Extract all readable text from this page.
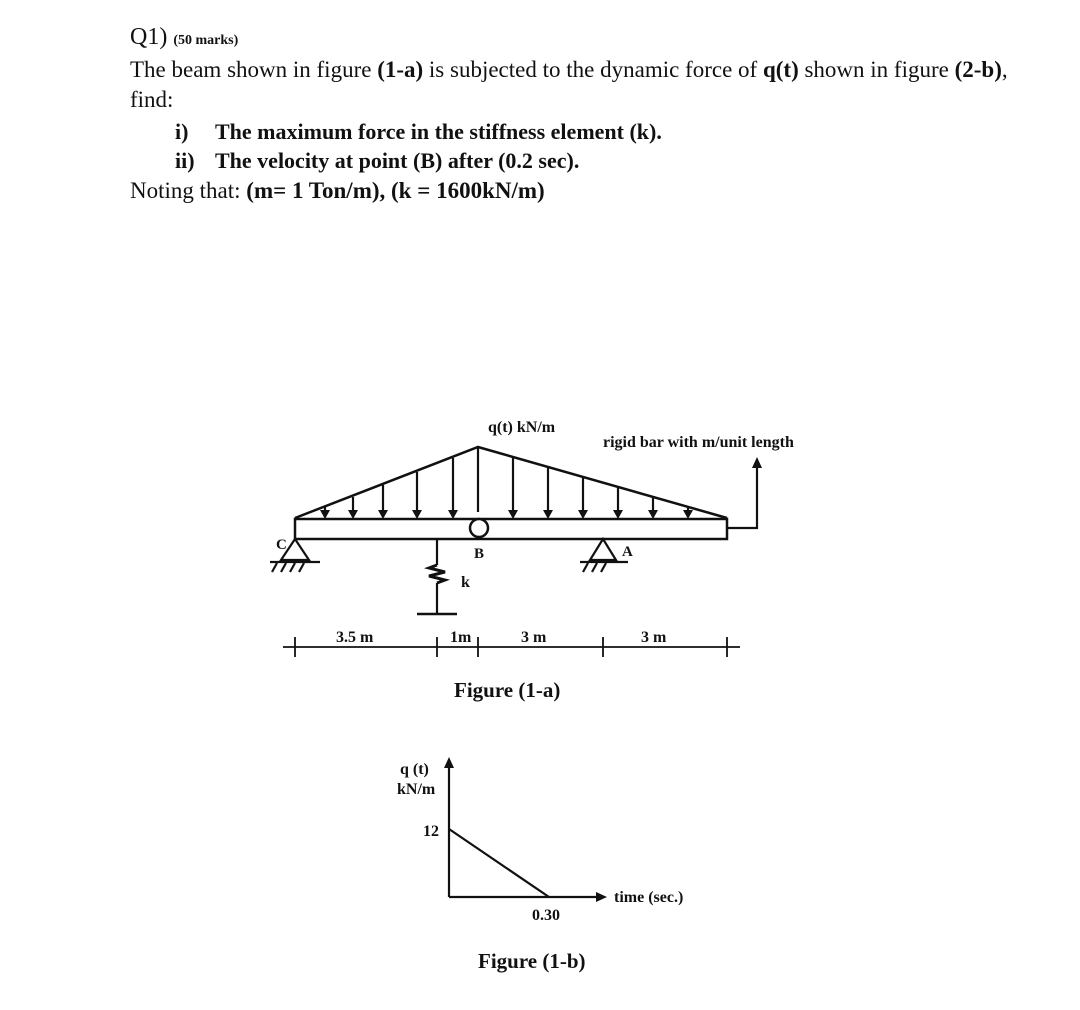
Q1) (50 marks)
The beam shown in figure (1-a) is subjected to the dynamic force of q(t) shown in figure (2-b), find:
i) The maximum force in the stiffness element (k).
ii) The velocity at point (B) after (0.2 sec).
Noting that: (m= 1 Ton/m), (k = 1600kN/m)
q(t) kN/m
rigid bar with m/unit length
C
B	A
k
3.5 m	1m	3 m	3 m
Figure (1-a)
q (t)
kN/m
12
0.30
time (sec.)
Figure (1-b)
